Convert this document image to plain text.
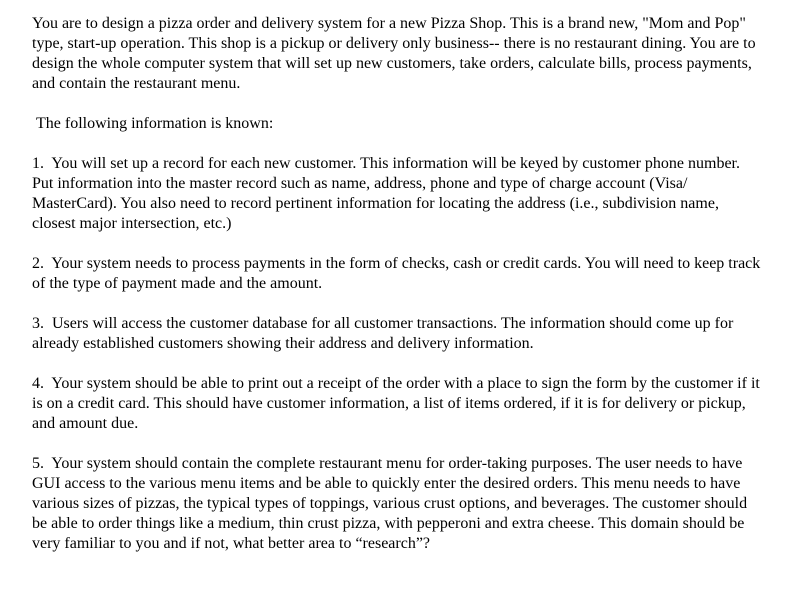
You are to design a pizza order and delivery system for a new Pizza Shop. This is a brand new, "Mom and Pop" type, start-up operation. This shop is a pickup or delivery only business-- there is no restaurant dining. You are to design the whole computer system that will set up new customers, take orders, calculate bills, process payments, and contain the restaurant menu.

The following information is known:

1. You will set up a record for each new customer. This information will be keyed by customer phone number. Put information into the master record such as name, address, phone and type of charge account (Visa/ MasterCard). You also need to record pertinent information for locating the address (i.e., subdivision name, closest major intersection, etc.)

2. Your system needs to process payments in the form of checks, cash or credit cards. You will need to keep track of the type of payment made and the amount.

3. Users will access the customer database for all customer transactions. The information should come up for already established customers showing their address and delivery information.

4. Your system should be able to print out a receipt of the order with a place to sign the form by the customer if it is on a credit card. This should have customer information, a list of items ordered, if it is for delivery or pickup, and amount due.

5. Your system should contain the complete restaurant menu for order-taking purposes. The user needs to have GUI access to the various menu items and be able to quickly enter the desired orders. This menu needs to have various sizes of pizzas, the typical types of toppings, various crust options, and beverages. The customer should be able to order things like a medium, thin crust pizza, with pepperoni and extra cheese. This domain should be very familiar to you and if not, what better area to “research”?
